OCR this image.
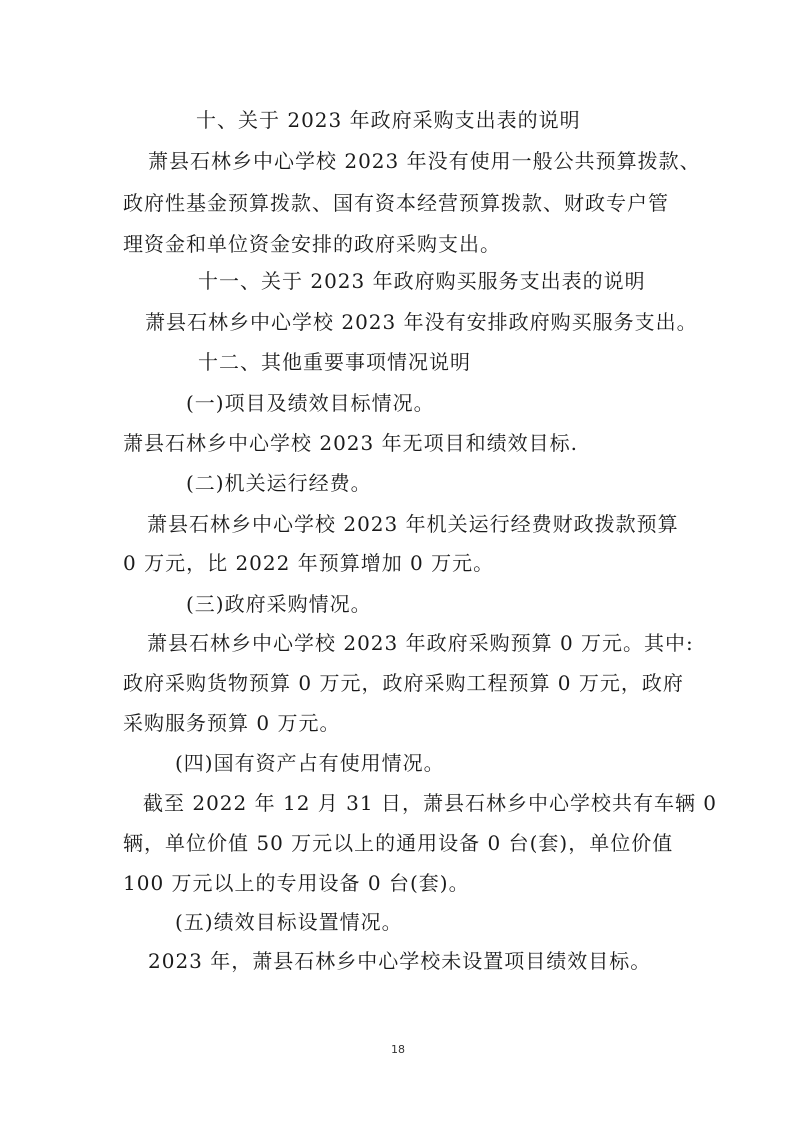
十、关于 2023 年政府采购支出表的说明
萧县石林乡中心学校 2023 年没有使用一般公共预算拨款、
政府性基金预算拨款、国有资本经营预算拨款、财政专户管
理资金和单位资金安排的政府采购支出。
十一、关于 2023 年政府购买服务支出表的说明
萧县石林乡中心学校 2023 年没有安排政府购买服务支出。
十二、其他重要事项情况说明
(一)项目及绩效目标情况。
萧县石林乡中心学校 2023 年无项目和绩效目标.
(二)机关运行经费。
萧县石林乡中心学校 2023 年机关运行经费财政拨款预算
0 万元，比 2022 年预算增加 0 万元。
(三)政府采购情况。
萧县石林乡中心学校 2023 年政府采购预算 0 万元。其中:
政府采购货物预算 0 万元，政府采购工程预算 0 万元，政府
采购服务预算 0 万元。
(四)国有资产占有使用情况。
截至 2022 年 12 月 31 日，萧县石林乡中心学校共有车辆 0
辆，单位价值 50 万元以上的通用设备 0 台(套)，单位价值
100 万元以上的专用设备 0 台(套)。
(五)绩效目标设置情况。
2023 年，萧县石林乡中心学校未设置项目绩效目标。
18
